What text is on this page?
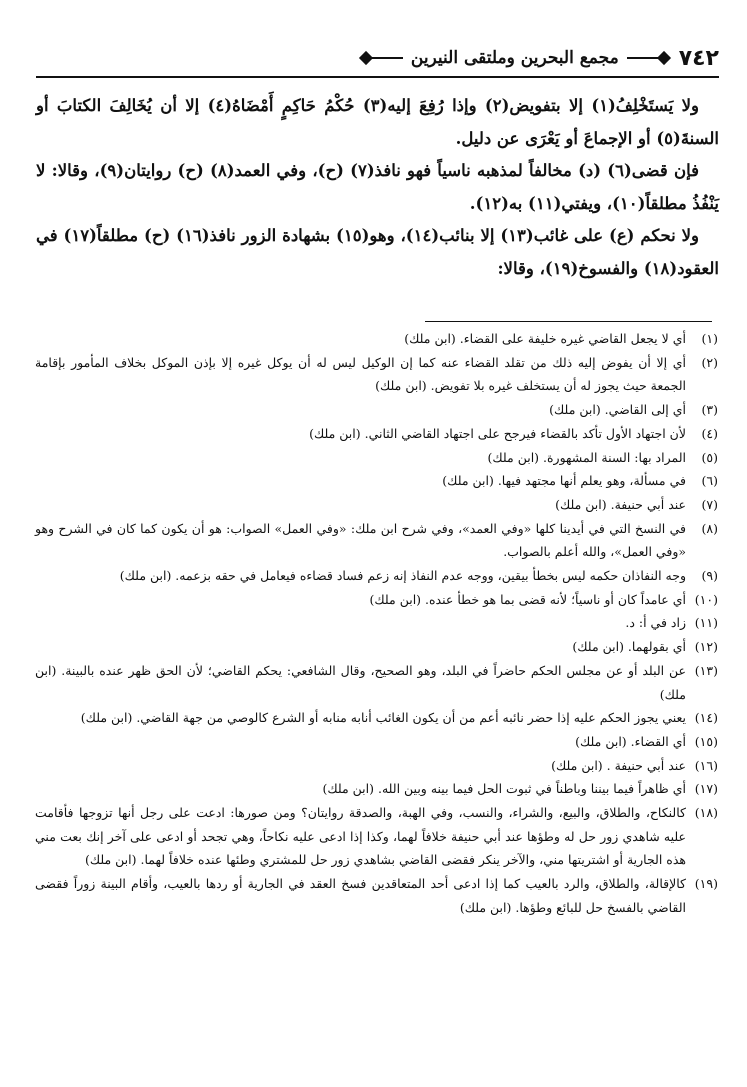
٧٤٢
مجمع البحرين وملتقى النيرين

ولا يَستَخْلِفُ(١) إلا بتفويض(٢) وإذا رُفِعَ إليه(٣) حُكْمُ حَاكِمٍ أَمْضَاهُ(٤) إلا أن يُخَالِفَ الكتابَ أو السنةَ(٥) أو الإجماعَ أو يَعْرَى عن دليل.

فإن قضى(٦) (د) مخالفاً لمذهبه ناسياً فهو نافذ(٧) (ح)، وفي العمد(٨) (ح) روايتان(٩)، وقالا: لا يَنْفُذُ مطلقاً(١٠)، ويفتي(١١) به(١٢).

ولا نحكم (ع) على غائب(١٣) إلا بنائب(١٤)، وهو(١٥) بشهادة الزور نافذ(١٦) (ح) مطلقاً(١٧) في العقود(١٨) والفسوخ(١٩)، وقالا:

(١)
أي لا يجعل القاضي غيره خليفة على القضاء. (ابن ملك)
(٢)
أي إلا أن يفوض إليه ذلك من تقلد القضاء عنه كما إن الوكيل ليس له أن يوكل غيره إلا بإذن الموكل بخلاف المأمور بإقامة الجمعة حيث يجوز له أن يستخلف غيره بلا تفويض. (ابن ملك)
(٣)
أي إلى القاضي. (ابن ملك)
(٤)
لأن اجتهاد الأول تأكد بالقضاء فيرجح على اجتهاد القاضي الثاني. (ابن ملك)
(٥)
المراد بها: السنة المشهورة. (ابن ملك)
(٦)
في مسألة، وهو يعلم أنها مجتهد فيها. (ابن ملك)
(٧)
عند أبي حنيفة. (ابن ملك)
(٨)
في النسخ التي في أيدينا كلها «وفي العمد»، وفي شرح ابن ملك: «وفي العمل» الصواب: هو أن يكون كما كان في الشرح وهو «وفي العمل»، والله أعلم بالصواب.
(٩)
وجه النفاذان حكمه ليس بخطأ بيقين، ووجه عدم النفاذ إنه زعم فساد قضاءه فيعامل في حقه بزعمه. (ابن ملك)
(١٠)
أي عامداً كان أو ناسياً؛ لأنه قضى بما هو خطأ عنده. (ابن ملك)
(١١)
زاد في أ: د.
(١٢)
أي بقولهما. (ابن ملك)
(١٣)
عن البلد أو عن مجلس الحكم حاضراً في البلد، وهو الصحيح، وقال الشافعي: يحكم القاضي؛ لأن الحق ظهر عنده بالبينة. (ابن ملك)
(١٤)
يعني يجوز الحكم عليه إذا حضر نائبه أعم من أن يكون الغائب أنابه منابه أو الشرع كالوصي من جهة القاضي. (ابن ملك)
(١٥)
أي القضاء. (ابن ملك)
(١٦)
عند أبي حنيفة . (ابن ملك)
(١٧)
أي ظاهراً فيما بيننا وباطناً في ثبوت الحل فيما بينه وبين الله. (ابن ملك)
(١٨)
كالنكاح، والطلاق، والبيع، والشراء، والنسب، وفي الهبة، والصدقة روايتان؟ ومن صورها: ادعت على رجل أنها تزوجها فأقامت عليه شاهدي زور حل له وطؤها عند أبي حنيفة خلافاً لهما، وكذا إذا ادعى عليه نكاحاً، وهي تجحد أو ادعى على آخر إنك بعت مني هذه الجارية أو اشتريتها مني، والآخر ينكر فقضى القاضي بشاهدي زور حل للمشتري وطئها عنده خلافاً لهما. (ابن ملك)
(١٩)
كالإقالة، والطلاق، والرد بالعيب كما إذا ادعى أحد المتعاقدين فسخ العقد في الجارية أو ردها بالعيب، وأقام البينة زوراً فقضى القاضي بالفسخ حل للبائع وطؤها. (ابن ملك)
